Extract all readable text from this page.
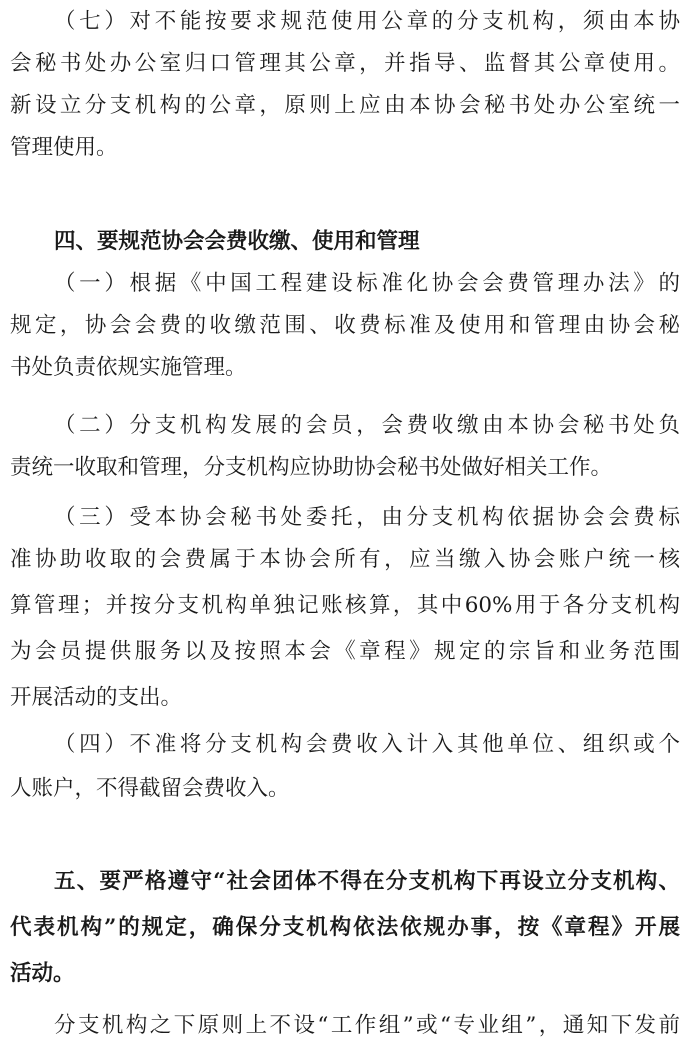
（七）对不能按要求规范使用公章的分支机构，须由本协
会秘书处办公室归口管理其公章，并指导、监督其公章使用。
新设立分支机构的公章，原则上应由本协会秘书处办公室统一
管理使用。
四、要规范协会会费收缴、使用和管理
（一）根据《中国工程建设标准化协会会费管理办法》的
规定，协会会费的收缴范围、收费标准及使用和管理由协会秘
书处负责依规实施管理。
（二）分支机构发展的会员，会费收缴由本协会秘书处负
责统一收取和管理，分支机构应协助协会秘书处做好相关工作。
（三）受本协会秘书处委托，由分支机构依据协会会费标
准协助收取的会费属于本协会所有，应当缴入协会账户统一核
算管理；并按分支机构单独记账核算，其中60%用于各分支机构
为会员提供服务以及按照本会《章程》规定的宗旨和业务范围
开展活动的支出。
（四）不准将分支机构会费收入计入其他单位、组织或个
人账户，不得截留会费收入。
五、要严格遵守“社会团体不得在分支机构下再设立分支机构、
代表机构”的规定，确保分支机构依法依规办事，按《章程》开展
活动。
分支机构之下原则上不设“工作组”或“专业组”，通知下发前
